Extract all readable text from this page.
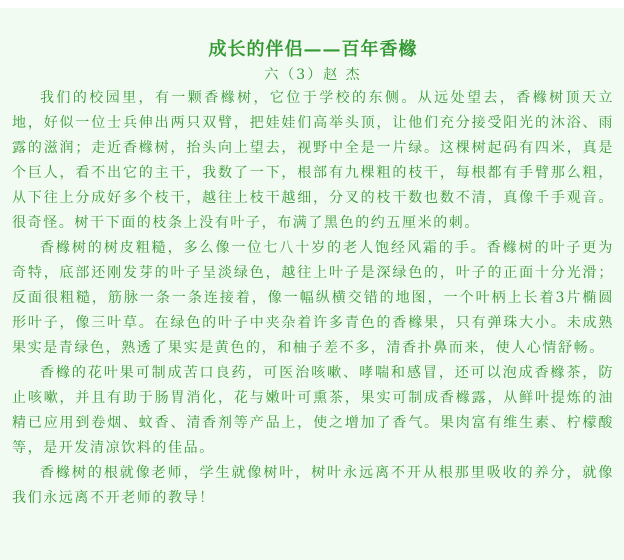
成长的伴侣——百年香橼
六（3）赵 杰

我们的校园里，有一颗香橼树，它位于学校的东侧。从远处望去，香橼树顶天立地，好似一位士兵伸出两只双臂，把娃娃们高举头顶，让他们充分接受阳光的沐浴、雨露的滋润；走近香橼树，抬头向上望去，视野中全是一片绿。这棵树起码有四米，真是个巨人，看不出它的主干，我数了一下，根部有九棵粗的枝干，每根都有手臂那么粗，从下往上分成好多个枝干，越往上枝干越细，分叉的枝干数也数不清，真像千手观音。很奇怪。树干下面的枝条上没有叶子，布满了黑色的约五厘米的刺。

香橼树的树皮粗糙，多么像一位七八十岁的老人饱经风霜的手。香橼树的叶子更为奇特，底部还刚发芽的叶子呈淡绿色，越往上叶子是深绿色的，叶子的正面十分光滑；反面很粗糙，筋脉一条一条连接着，像一幅纵横交错的地图，一个叶柄上长着3片椭圆形叶子，像三叶草。在绿色的叶子中夹杂着许多青色的香橼果，只有弹珠大小。未成熟果实是青绿色，熟透了果实是黄色的，和柚子差不多，清香扑鼻而来，使人心情舒畅。

香橼的花叶果可制成苦口良药，可医治咳嗽、哮喘和感冒，还可以泡成香橼茶，防止咳嗽，并且有助于肠胃消化，花与嫩叶可熏茶，果实可制成香橼露，从鲜叶提炼的油精已应用到卷烟、蚊香、清香剂等产品上，使之增加了香气。果肉富有维生素、柠檬酸等，是开发清凉饮料的佳品。

香橼树的根就像老师，学生就像树叶，树叶永远离不开从根那里吸收的养分，就像我们永远离不开老师的教导！
